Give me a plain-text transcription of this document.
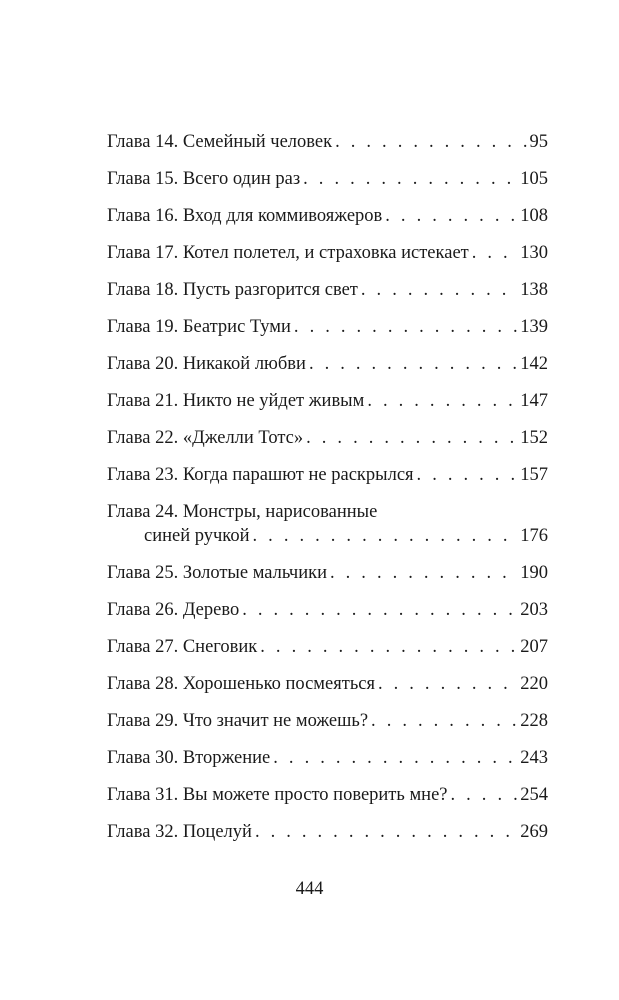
Глава 14. Семейный человек . . .	95
Глава 15. Всего один раз . . .	105
Глава 16. Вход для коммивояжеров . . .	108
Глава 17. Котел полетел, и страховка истекает . . .	130
Глава 18. Пусть разгорится свет . . .	138
Глава 19. Беатрис Туми . . .	139
Глава 20. Никакой любви . . .	142
Глава 21. Никто не уйдет живым . . .	147
Глава 22. «Джелли Тотс» . . .	152
Глава 23. Когда парашют не раскрылся . . .	157
Глава 24. Монстры, нарисованные
синей ручкой . . .	176
Глава 25. Золотые мальчики . . .	190
Глава 26. Дерево . . .	203
Глава 27. Снеговик . . .	207
Глава 28. Хорошенько посмеяться . . .	220
Глава 29. Что значит не можешь? . . .	228
Глава 30. Вторжение . . .	243
Глава 31. Вы можете просто поверить мне? . . .	254
Глава 32. Поцелуй . . .	269
444
